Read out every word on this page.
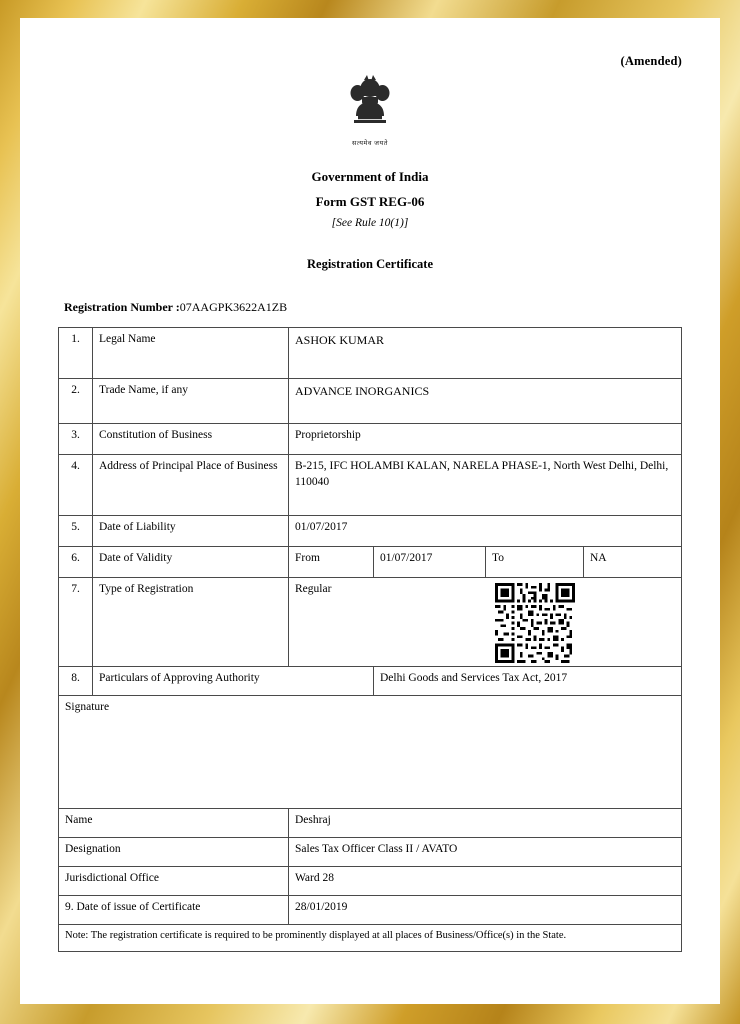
(Amended)
सत्यमेव जयते
Government of India
Form GST REG-06
[See Rule 10(1)]
Registration Certificate
Registration Number :07AAGPK3622A1ZB
1.	Legal Name	ASHOK KUMAR			
2.	Trade Name, if any	ADVANCE INORGANICS			
3.	Constitution of Business	Proprietorship			
4.	Address of Principal Place of Business	B-215, IFC HOLAMBI KALAN, NARELA PHASE-1, North West Delhi, Delhi, 110040			
5.	Date of Liability	01/07/2017			
6.	Date of Validity	From	01/07/2017	To	NA
7.	Type of Registration	Regular			

8.	Particulars of Approving Authority		Delhi Goods and Services Tax Act, 2017		
Signature					
Name		Deshraj			
Designation		Sales Tax Officer Class II / AVATO			
Jurisdictional Office		Ward 28			
9. Date of issue of Certificate		28/01/2019			
Note: The registration certificate is required to be prominently displayed at all places of Business/Office(s) in the State.					
